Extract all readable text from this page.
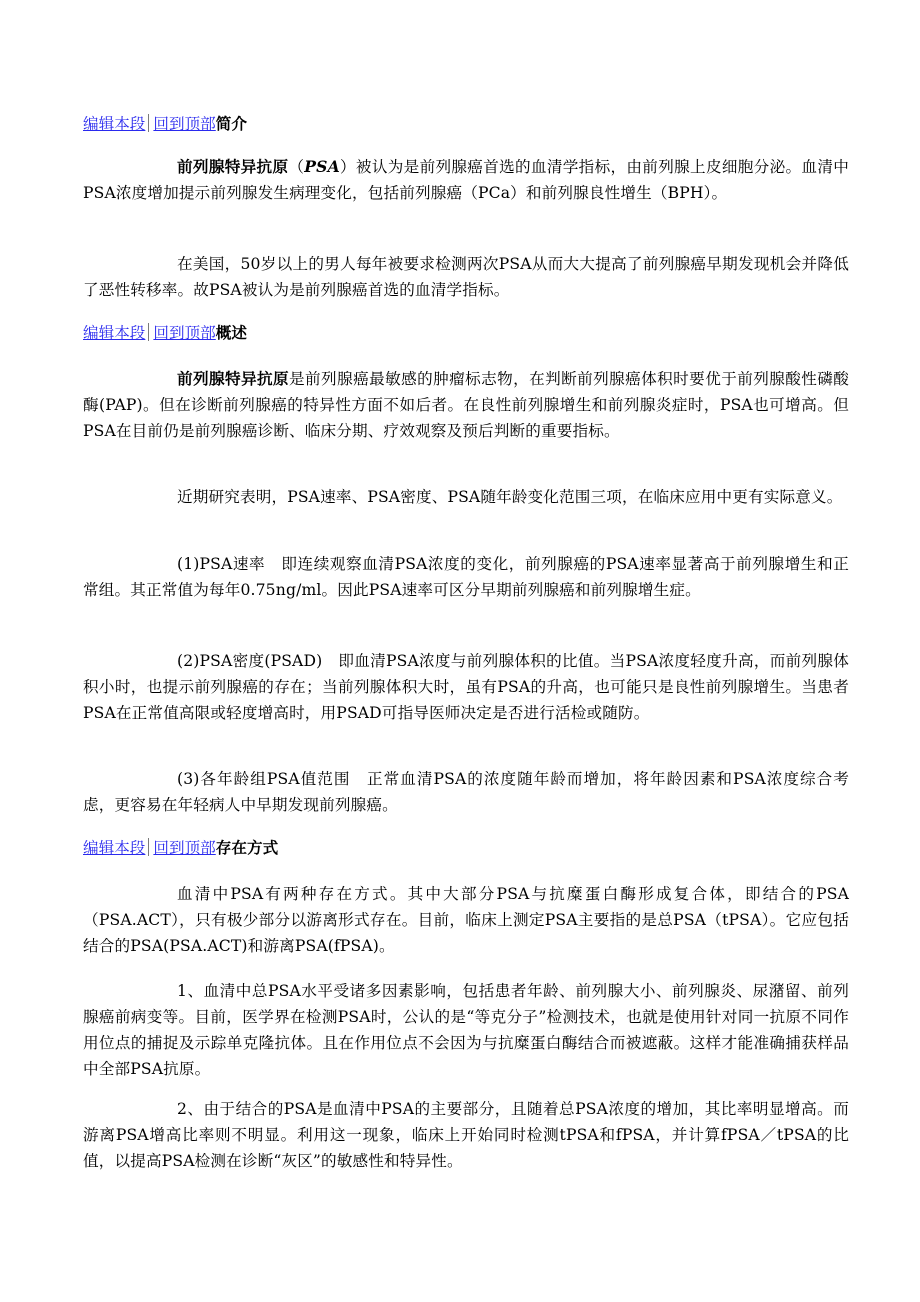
编辑本段 回到顶部简介

前列腺特异抗原（PSA）被认为是前列腺癌首选的血清学指标，由前列腺上皮细胞分泌。血清中PSA浓度增加提示前列腺发生病理变化，包括前列腺癌（PCa）和前列腺良性增生（BPH）。

在美国，50岁以上的男人每年被要求检测两次PSA从而大大提高了前列腺癌早期发现机会并降低了恶性转移率。故PSA被认为是前列腺癌首选的血清学指标。

编辑本段 回到顶部概述

前列腺特异抗原是前列腺癌最敏感的肿瘤标志物，在判断前列腺癌体积时要优于前列腺酸性磷酸酶(PAP)。但在诊断前列腺癌的特异性方面不如后者。在良性前列腺增生和前列腺炎症时，PSA也可增高。但PSA在目前仍是前列腺癌诊断、临床分期、疗效观察及预后判断的重要指标。

近期研究表明，PSA速率、PSA密度、PSA随年龄变化范围三项，在临床应用中更有实际意义。

(1)PSA速率　即连续观察血清PSA浓度的变化，前列腺癌的PSA速率显著高于前列腺增生和正常组。其正常值为每年0.75ng/ml。因此PSA速率可区分早期前列腺癌和前列腺增生症。

(2)PSA密度(PSAD)　即血清PSA浓度与前列腺体积的比值。当PSA浓度轻度升高，而前列腺体积小时，也提示前列腺癌的存在；当前列腺体积大时，虽有PSA的升高，也可能只是良性前列腺增生。当患者PSA在正常值高限或轻度增高时，用PSAD可指导医师决定是否进行活检或随防。

(3)各年龄组PSA值范围　正常血清PSA的浓度随年龄而增加，将年龄因素和PSA浓度综合考虑，更容易在年轻病人中早期发现前列腺癌。

编辑本段 回到顶部存在方式

血清中PSA有两种存在方式。其中大部分PSA与抗糜蛋白酶形成复合体，即结合的PSA（PSA.ACT），只有极少部分以游离形式存在。目前，临床上测定PSA主要指的是总PSA（tPSA）。它应包括结合的PSA(PSA.ACT)和游离PSA(fPSA)。

1、血清中总PSA水平受诸多因素影响，包括患者年龄、前列腺大小、前列腺炎、尿潴留、前列腺癌前病变等。目前，医学界在检测PSA时，公认的是“等克分子”检测技术，也就是使用针对同一抗原不同作用位点的捕捉及示踪单克隆抗体。且在作用位点不会因为与抗糜蛋白酶结合而被遮蔽。这样才能准确捕获样品中全部PSA抗原。

2、由于结合的PSA是血清中PSA的主要部分，且随着总PSA浓度的增加，其比率明显增高。而游离PSA增高比率则不明显。利用这一现象，临床上开始同时检测tPSA和fPSA，并计算fPSA／tPSA的比值，以提高PSA检测在诊断“灰区”的敏感性和特异性。
